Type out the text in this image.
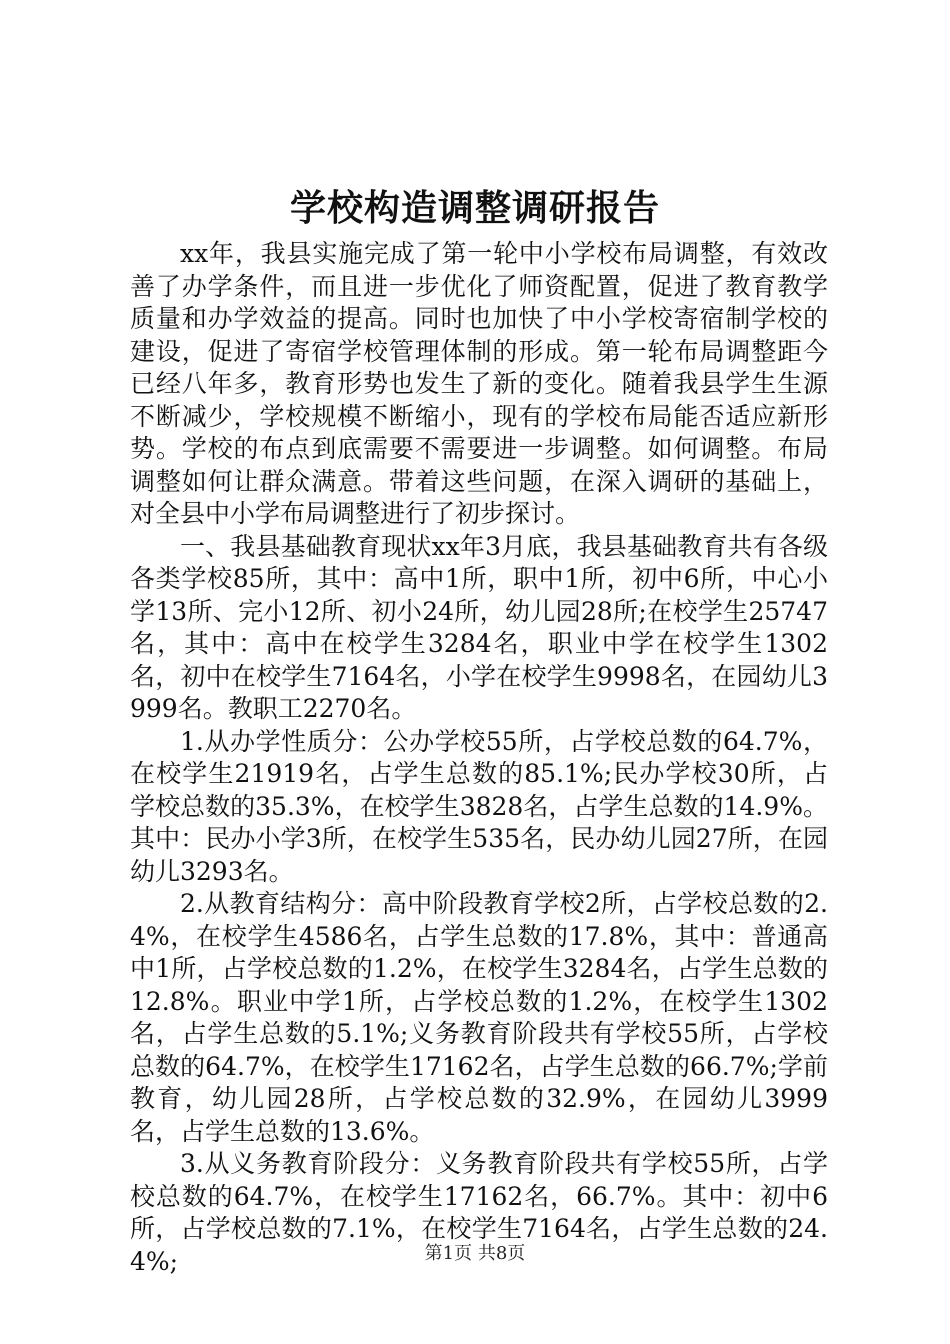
学校构造调整调研报告

xx年，我县实施完成了第一轮中小学校布局调整，有效改善了办学条件，而且进一步优化了师资配置，促进了教育教学质量和办学效益的提高。同时也加快了中小学校寄宿制学校的建设，促进了寄宿学校管理体制的形成。第一轮布局调整距今已经八年多，教育形势也发生了新的变化。随着我县学生生源不断减少，学校规模不断缩小，现有的学校布局能否适应新形势。学校的布点到底需要不需要进一步调整。如何调整。布局调整如何让群众满意。带着这些问题，在深入调研的基础上，对全县中小学布局调整进行了初步探讨。

一、我县基础教育现状xx年3月底，我县基础教育共有各级各类学校85所，其中：高中1所，职中1所，初中6所，中心小学13所、完小12所、初小24所，幼儿园28所;在校学生25747名，其中：高中在校学生3284名，职业中学在校学生1302名，初中在校学生7164名，小学在校学生9998名，在园幼儿3999名。教职工2270名。

1.从办学性质分：公办学校55所，占学校总数的64.7%，在校学生21919名，占学生总数的85.1%;民办学校30所，占学校总数的35.3%，在校学生3828名，占学生总数的14.9%。其中：民办小学3所，在校学生535名，民办幼儿园27所，在园幼儿3293名。

2.从教育结构分：高中阶段教育学校2所，占学校总数的2.4%，在校学生4586名，占学生总数的17.8%，其中：普通高中1所，占学校总数的1.2%，在校学生3284名，占学生总数的12.8%。职业中学1所，占学校总数的1.2%，在校学生1302名，占学生总数的5.1%;义务教育阶段共有学校55所，占学校总数的64.7%，在校学生17162名，占学生总数的66.7%;学前教育，幼儿园28所，占学校总数的32.9%，在园幼儿3999名，占学生总数的13.6%。

3.从义务教育阶段分：义务教育阶段共有学校55所，占学校总数的64.7%，在校学生17162名，66.7%。其中：初中6所，占学校总数的7.1%，在校学生7164名，占学生总数的24.4%;	第1页 共8页
